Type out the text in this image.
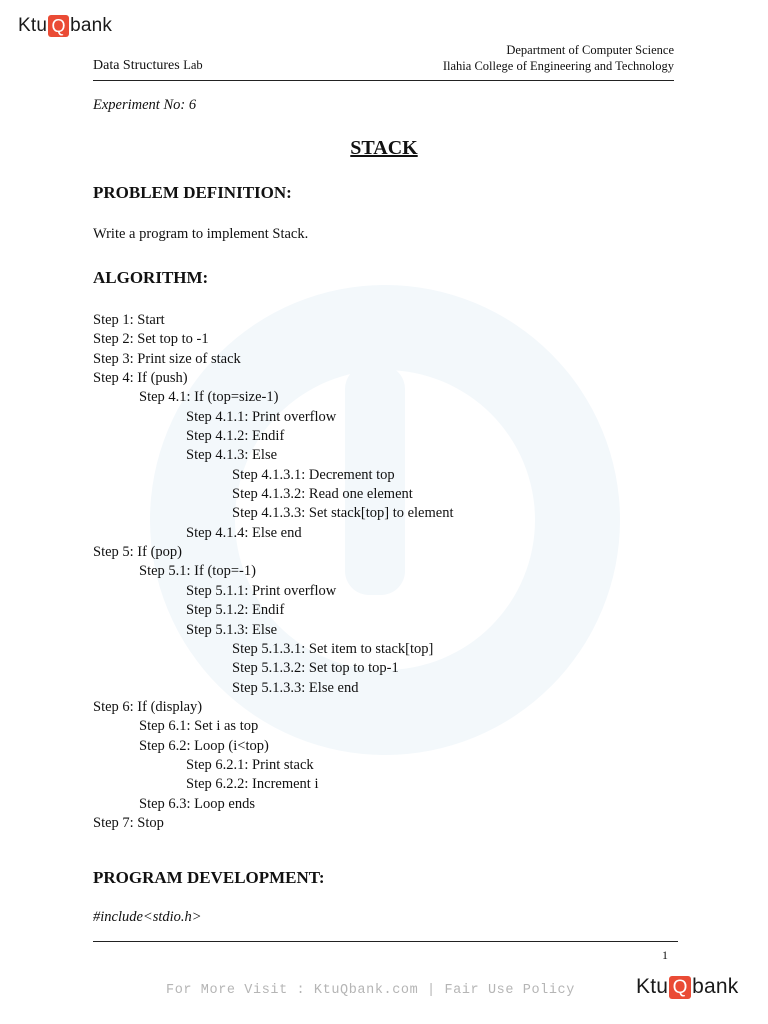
Ktu Q bank
Data Structures Lab
Department of Computer Science
Ilahia College of Engineering and Technology
Experiment No: 6
STACK
PROBLEM DEFINITION:
Write a program to implement Stack.
ALGORITHM:
Step 1: Start
Step 2: Set top to -1
Step 3: Print size of stack
Step 4: If (push)
Step 4.1: If (top=size-1)
Step 4.1.1: Print overflow
Step 4.1.2: Endif
Step 4.1.3: Else
Step 4.1.3.1: Decrement top
Step 4.1.3.2: Read one element
Step 4.1.3.3: Set stack[top] to element
Step 4.1.4: Else end
Step 5: If (pop)
Step 5.1: If (top=-1)
Step 5.1.1: Print overflow
Step 5.1.2: Endif
Step 5.1.3: Else
Step 5.1.3.1: Set item to stack[top]
Step 5.1.3.2: Set top to top-1
Step 5.1.3.3: Else end
Step 6: If (display)
Step 6.1: Set i as top
Step 6.2: Loop (i<top)
Step 6.2.1: Print stack
Step 6.2.2: Increment i
Step 6.3: Loop ends
Step 7: Stop
PROGRAM DEVELOPMENT:
#include<stdio.h>
1
For More Visit : KtuQbank.com | Fair Use Policy	Ktu Q bank
